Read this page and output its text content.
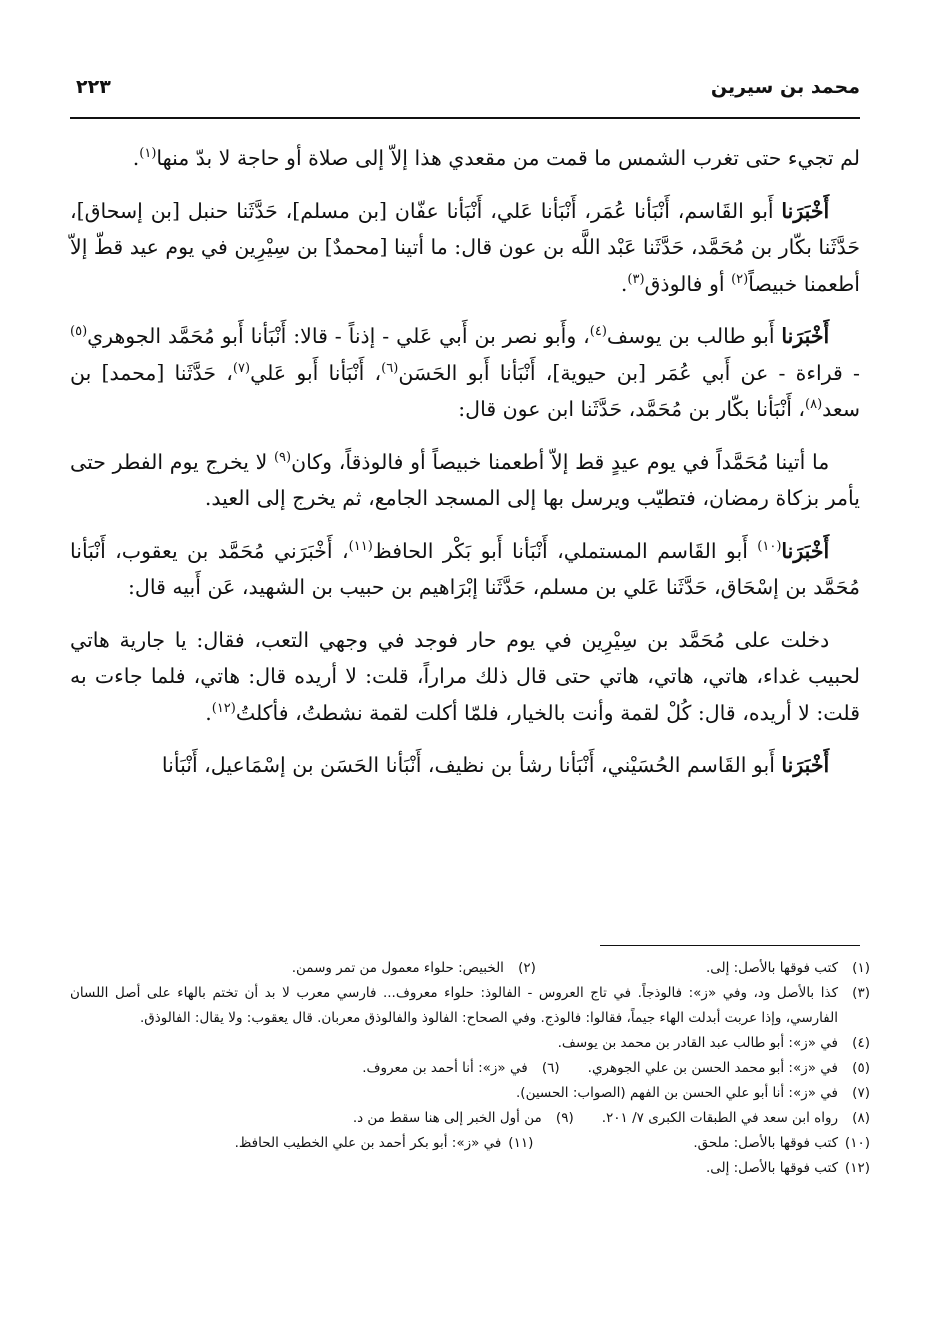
محمد بن سيرين
٢٢٣

لم تجيء حتى تغرب الشمس ما قمت من مقعدي هذا إلاّ إلى صلاة أو حاجة لا بدّ منها$^{(١)}$.

أَخْبَرَنا أَبو القَاسم، أَنْبَأنا عُمَر، أَنْبَأنا عَلي، أَنْبَأنا عفّان [بن مسلم]، حَدَّثَنا حنبل [بن إسحاق]، حَدَّثَنا بكّار بن مُحَمَّد، حَدَّثَنا عَبْد اللَّه بن عون قال: ما أتينا [محمدٌ] بن سِيْرِين في يوم عيد قطّ إلاّ أطعمنا خبيصاً$^{(٢)}$ أو فالوذق$^{(٣)}$.

أَخْبَرَنا أَبو طالب بن يوسف$^{(٤)}$، وأَبو نصر بن أَبي عَلي - إذناً - قالا: أَنْبَأنا أَبو مُحَمَّد الجوهري$^{(٥)}$ - قراءة - عن أَبي عُمَر [بن حيوية]، أَنْبَأنا أَبو الحَسَن$^{(٦)}$، أَنْبَأنا أَبو عَلي$^{(٧)}$، حَدَّثَنا [محمد] بن سعد$^{(٨)}$، أَنْبَأنا بكّار بن مُحَمَّد، حَدَّثَنا ابن عون قال:

ما أتينا مُحَمَّداً في يوم عيدٍ قط إلاّ أطعمنا خبيصاً أو فالوذقاً، وكان$^{(٩)}$ لا يخرج يوم الفطر حتى يأمر بزكاة رمضان، فتطيّب ويرسل بها إلى المسجد الجامع، ثم يخرج إلى العيد.

أَخْبَرَنا$^{(١٠)}$ أَبو القَاسم المستملي، أَنْبَأنا أَبو بَكْر الحافظ$^{(١١)}$، أَخْبَرَني مُحَمَّد بن يعقوب، أَنْبَأنا مُحَمَّد بن إسْحَاق، حَدَّثَنا عَلي بن مسلم، حَدَّثَنا إبْرَاهيم بن حبيب بن الشهيد، عَن أَبيه قال:

دخلت على مُحَمَّد بن سِيْرِين في يوم حار فوجد في وجهي التعب، فقال: يا جارية هاتي لحبيب غداء، هاتي، هاتي، هاتي حتى قال ذلك مراراً، قلت: لا أريده قال: هاتي، فلما جاءت به قلت: لا أريده، قال: كُلْ لقمة وأنت بالخيار، فلمّا أكلت لقمة نشطتُ، فأكلتُ$^{(١٢)}$.

أَخْبَرَنا أَبو القَاسم الحُسَيْني، أَنْبَأنا رشأ بن نظيف، أَنْبَأنا الحَسَن بن إسْمَاعيل، أَنْبَأنا

(١)
كتب فوقها بالأصل: إلى.
(٢)
الخبيص: حلواء معمول من تمر وسمن.
(٣)
كذا بالأصل ود، وفي «ز»: فالوذجاً. في تاج العروس - الفالوذ: حلواء معروف... فارسي معرب لا بد أن تختم بالهاء على أصل اللسان الفارسي، وإذا عربت أبدلت الهاء جيماً، فقالوا: فالوذج. وفي الصحاح: الفالوذ والفالوذق معربان. قال يعقوب: ولا يقال: الفالوذق.
(٤)
في «ز»: أبو طالب عبد القادر بن محمد بن يوسف.
(٥)
في «ز»: أبو محمد الحسن بن علي الجوهري.
(٦)
في «ز»: أنا أحمد بن معروف.
(٧)
في «ز»: أنا أبو علي الحسن بن الفهم (الصواب: الحسين).
(٨)
رواه ابن سعد في الطبقات الكبرى ٧/ ٢٠١.
(٩)
من أول الخبر إلى هنا سقط من د.
(١٠)
كتب فوقها بالأصل: ملحق.
(١١)
في «ز»: أبو بكر أحمد بن علي الخطيب الحافظ.
(١٢)
كتب فوقها بالأصل: إلى.
